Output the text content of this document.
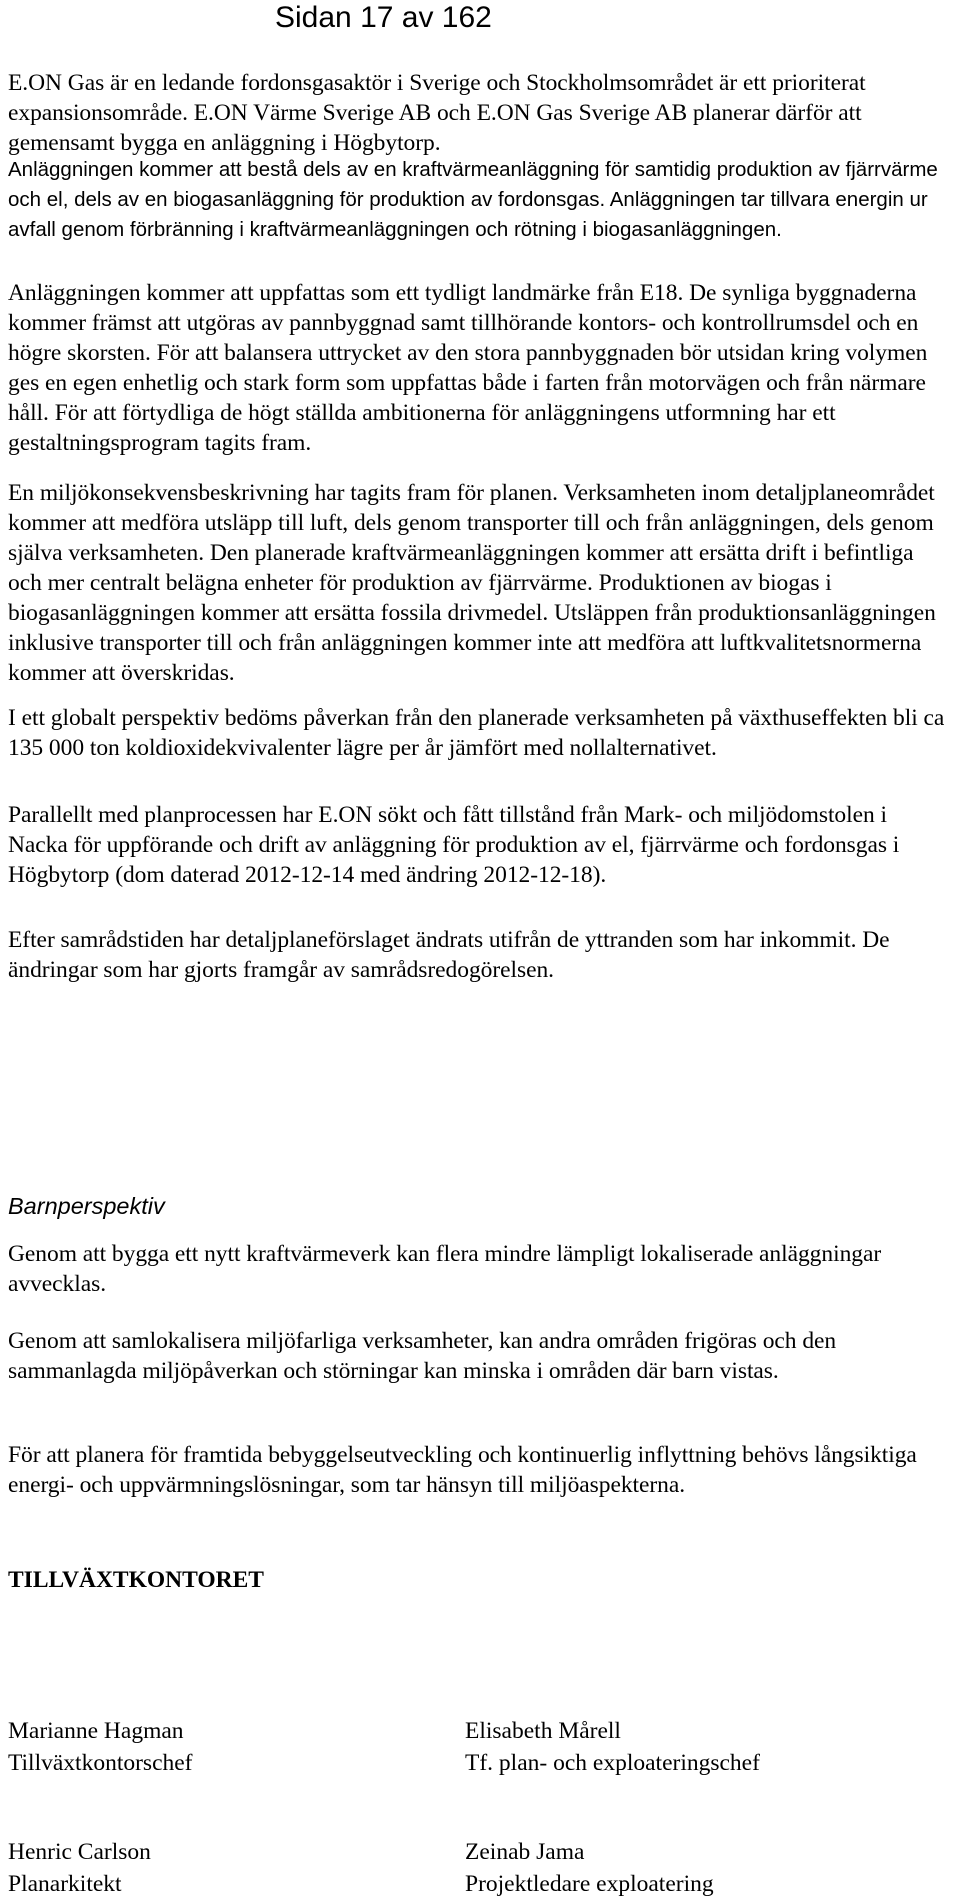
Sidan 17 av 162

E.ON Gas är en ledande fordonsgasaktör i Sverige och Stockholmsområdet är ett prioriterat expansionsområde. E.ON Värme Sverige AB och E.ON Gas Sverige AB planerar därför att gemensamt bygga en anläggning i Högbytorp.

Anläggningen kommer att bestå dels av en kraftvärmeanläggning för samtidig produktion av fjärrvärme och el, dels av en biogasanläggning för produktion av fordonsgas. Anläggningen tar tillvara energin ur avfall genom förbränning i kraftvärmeanläggningen och rötning i biogasanläggningen.

Anläggningen kommer att uppfattas som ett tydligt landmärke från E18. De synliga byggnaderna kommer främst att utgöras av pannbyggnad samt tillhörande kontors- och kontrollrumsdel och en högre skorsten. För att balansera uttrycket av den stora pannbyggnaden bör utsidan kring volymen ges en egen enhetlig och stark form som uppfattas både i farten från motorvägen och från närmare håll. För att förtydliga de högt ställda ambitionerna för anläggningens utformning har ett gestaltningsprogram tagits fram.

En miljökonsekvensbeskrivning har tagits fram för planen. Verksamheten inom detaljplaneområdet kommer att medföra utsläpp till luft, dels genom transporter till och från anläggningen, dels genom själva verksamheten. Den planerade kraftvärmeanläggningen kommer att ersätta drift i befintliga och mer centralt belägna enheter för produktion av fjärrvärme. Produktionen av biogas i biogasanläggningen kommer att ersätta fossila drivmedel. Utsläppen från produktionsanläggningen inklusive transporter till och från anläggningen kommer inte att medföra att luftkvalitetsnormerna kommer att överskridas.

I ett globalt perspektiv bedöms påverkan från den planerade verksamheten på växthuseffekten bli ca 135 000 ton koldioxidekvivalenter lägre per år jämfört med nollalternativet.

Parallellt med planprocessen har E.ON sökt och fått tillstånd från Mark- och miljödomstolen i Nacka för uppförande och drift av anläggning för produktion av el, fjärrvärme och fordonsgas i Högbytorp (dom daterad 2012-12-14 med ändring 2012-12-18).

Efter samrådstiden har detaljplaneförslaget ändrats utifrån de yttranden som har inkommit. De ändringar som har gjorts framgår av samrådsredogörelsen.

Barnperspektiv

Genom att bygga ett nytt kraftvärmeverk kan flera mindre lämpligt lokaliserade anläggningar avvecklas.

Genom att samlokalisera miljöfarliga verksamheter, kan andra områden frigöras och den sammanlagda miljöpåverkan och störningar kan minska i områden där barn vistas.

För att planera för framtida bebyggelseutveckling och kontinuerlig inflyttning behövs långsiktiga energi- och uppvärmningslösningar, som tar hänsyn till miljöaspekterna.

TILLVÄXTKONTORET
Marianne Hagman
Tillväxtkontorschef
Elisabeth Mårell
Tf. plan- och exploateringschef
Henric Carlson
Planarkitekt
Zeinab Jama
Projektledare exploatering
